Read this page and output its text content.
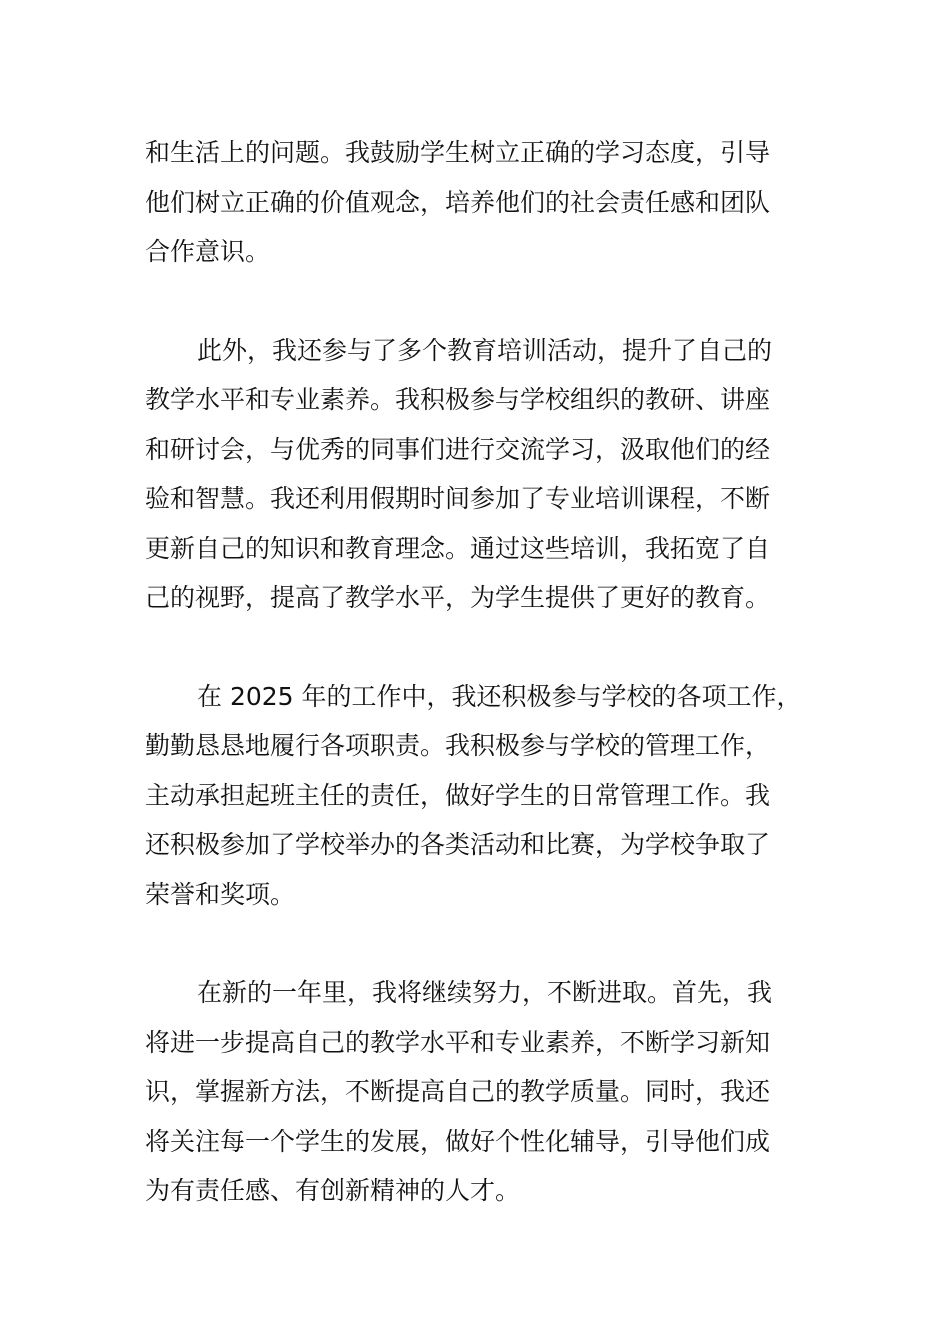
和生活上的问题。我鼓励学生树立正确的学习态度，引导
他们树立正确的价值观念，培养他们的社会责任感和团队
合作意识。
此外，我还参与了多个教育培训活动，提升了自己的
教学水平和专业素养。我积极参与学校组织的教研、讲座
和研讨会，与优秀的同事们进行交流学习，汲取他们的经
验和智慧。我还利用假期时间参加了专业培训课程，不断
更新自己的知识和教育理念。通过这些培训，我拓宽了自
己的视野，提高了教学水平，为学生提供了更好的教育。
在 2025 年的工作中，我还积极参与学校的各项工作，
勤勤恳恳地履行各项职责。我积极参与学校的管理工作，
主动承担起班主任的责任，做好学生的日常管理工作。我
还积极参加了学校举办的各类活动和比赛，为学校争取了
荣誉和奖项。
在新的一年里，我将继续努力，不断进取。首先，我
将进一步提高自己的教学水平和专业素养，不断学习新知
识，掌握新方法，不断提高自己的教学质量。同时，我还
将关注每一个学生的发展，做好个性化辅导，引导他们成
为有责任感、有创新精神的人才。
